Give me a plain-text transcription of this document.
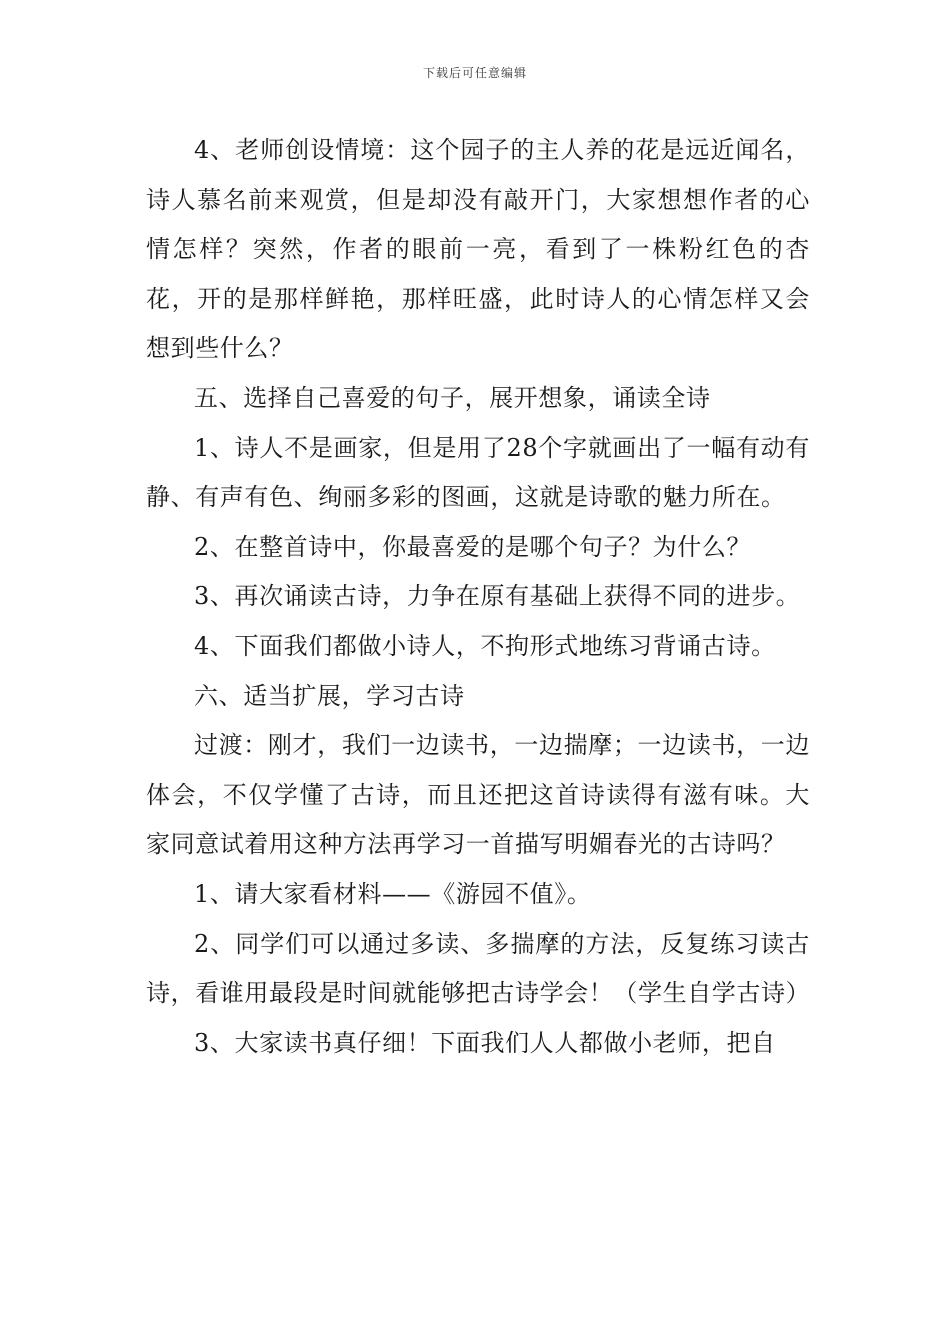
下载后可任意编辑

4、老师创设情境：这个园子的主人养的花是远近闻名，诗人慕名前来观赏，但是却没有敲开门，大家想想作者的心情怎样？突然，作者的眼前一亮，看到了一株粉红色的杏花，开的是那样鲜艳，那样旺盛，此时诗人的心情怎样又会想到些什么？

五、选择自己喜爱的句子，展开想象，诵读全诗

1、诗人不是画家，但是用了28个字就画出了一幅有动有静、有声有色、绚丽多彩的图画，这就是诗歌的魅力所在。

2、在整首诗中，你最喜爱的是哪个句子？为什么？

3、再次诵读古诗，力争在原有基础上获得不同的进步。

4、下面我们都做小诗人，不拘形式地练习背诵古诗。

六、适当扩展，学习古诗

过渡：刚才，我们一边读书，一边揣摩；一边读书，一边体会，不仅学懂了古诗，而且还把这首诗读得有滋有味。大家同意试着用这种方法再学习一首描写明媚春光的古诗吗？

1、请大家看材料——《游园不值》。

2、同学们可以通过多读、多揣摩的方法，反复练习读古诗，看谁用最段是时间就能够把古诗学会！（学生自学古诗）

3、大家读书真仔细！下面我们人人都做小老师，把自
